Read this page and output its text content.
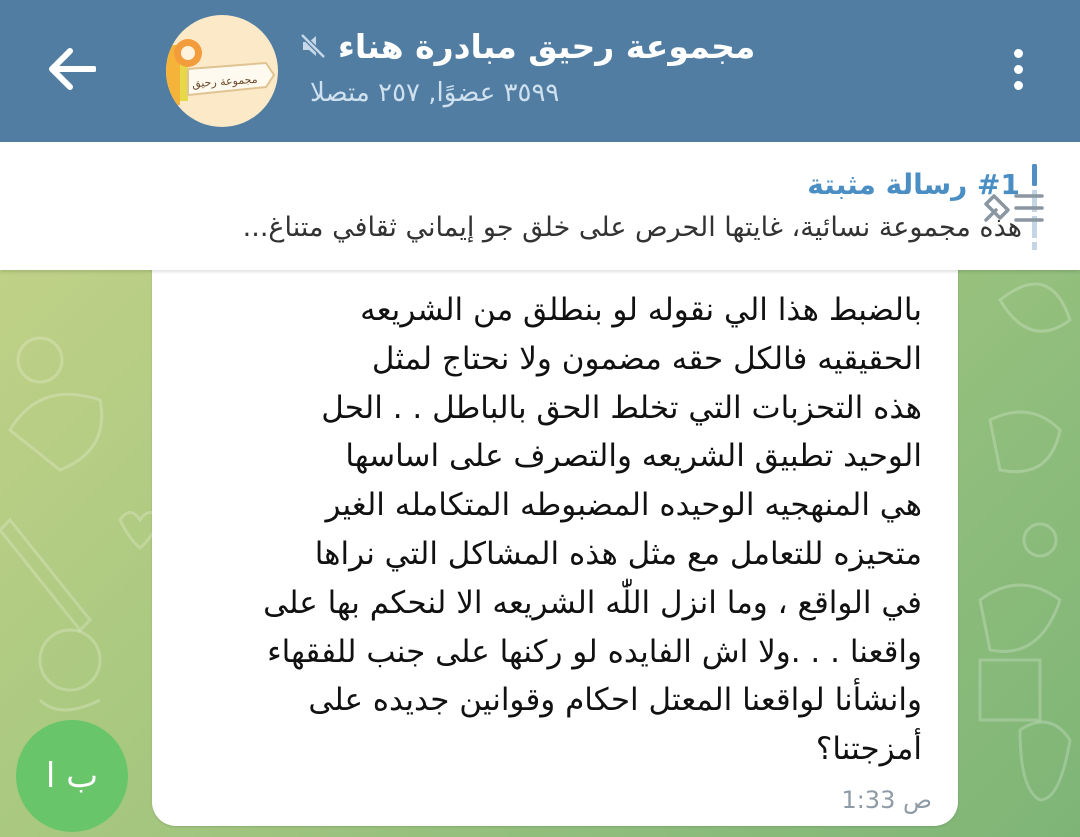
مجموعة رحيق
مجموعة رحيق مبادرة هناء
٣٥٩٩ عضوًا, ٢٥٧ متصلا
بالضبط هذا الي نقوله لو بنطلق من الشريعه
الحقيقيه فالكل حقه مضمون ولا نحتاج لمثل
هذه التحزبات التي تخلط الحق بالباطل . . الحل
الوحيد تطبيق الشريعه والتصرف على اساسها
هي المنهجيه الوحيده المضبوطه المتكامله الغير
متحيزه للتعامل مع مثل هذه المشاكل التي نراها
في الواقع ، وما انزل اللّٰه الشريعه الا لنحكم بها على
واقعنا . . .ولا اش الفايده لو ركنها على جنب للفقهاء
وانشأنا لواقعنا المعتل احكام وقوانين جديده على
أمزجتنا؟
1:33 ص
#1 رسالة مثبتة
هذه مجموعة نسائية، غايتها الحرص على خلق جو إيماني ثقافي متناغ...
ب ا
